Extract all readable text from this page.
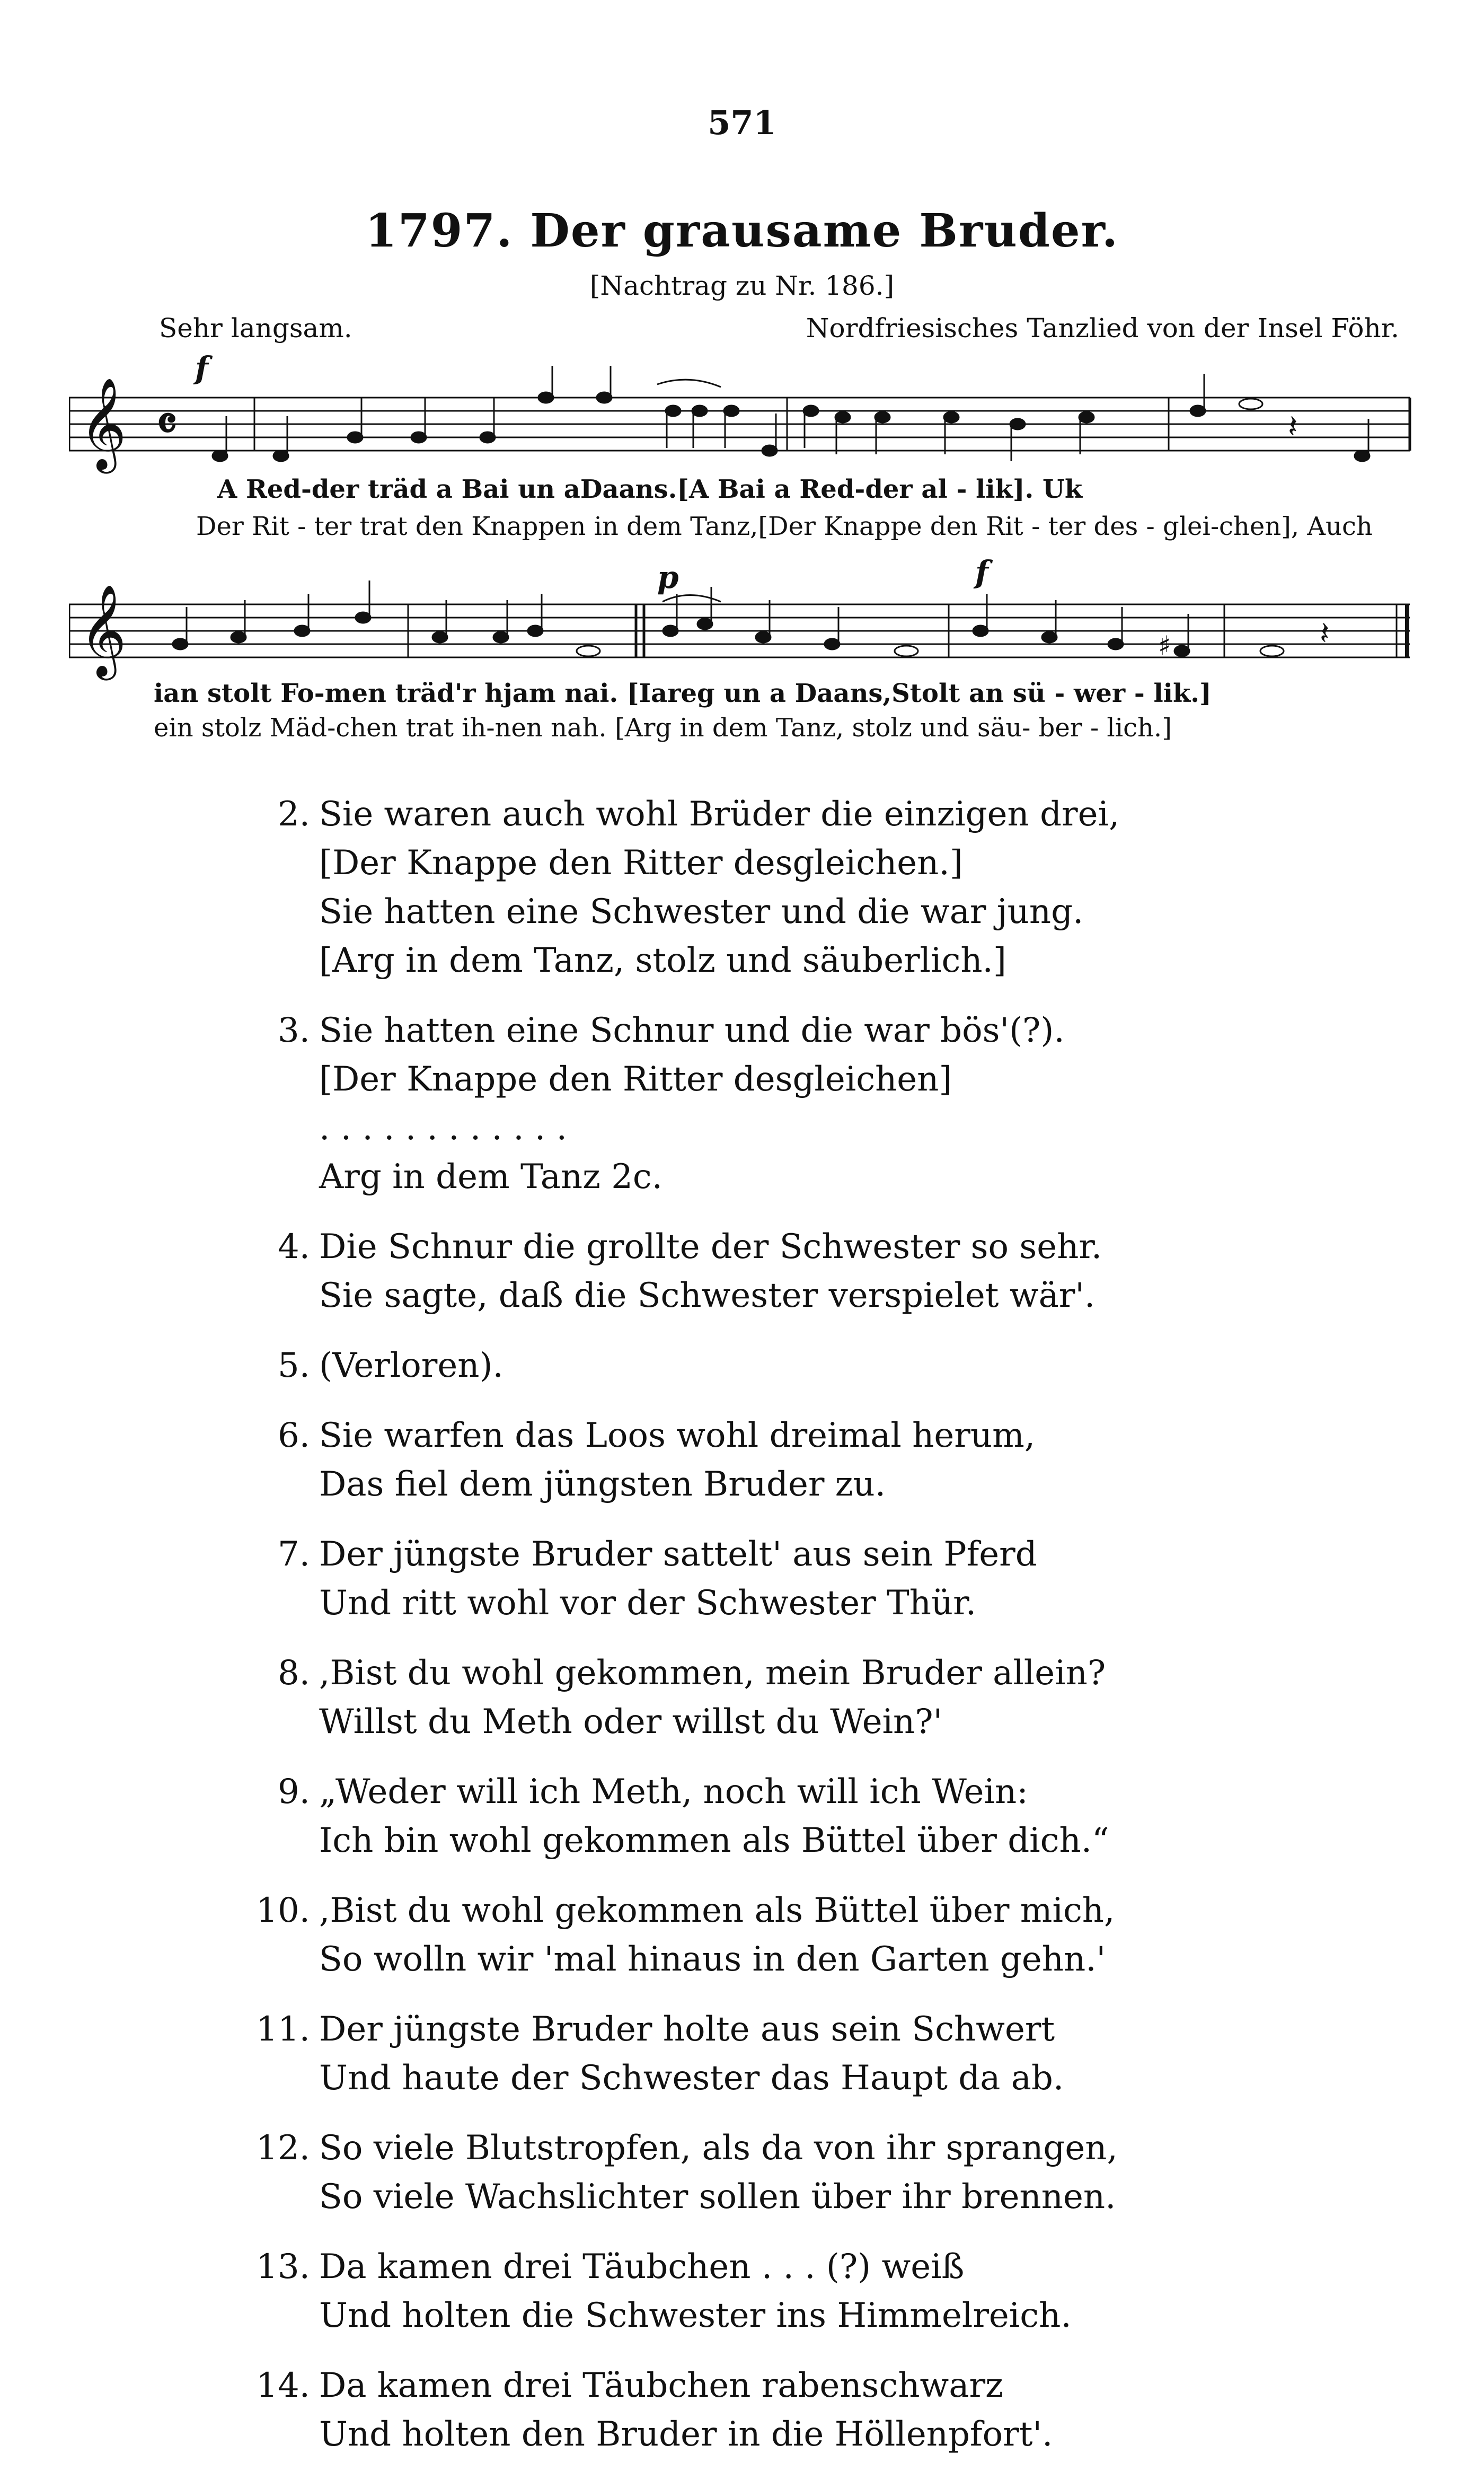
571
1797. Der grausame Bruder.
[Nachtrag zu Nr. 186.]
Sehr langsam.	Nordfriesisches Tanzlied von der Insel Föhr.
f
𝄞 𝄴	𝄽
A Red-der träd a Bai un aDaans.[A Bai a Red-der al - lik]. Uk
Der Rit - ter trat den Knappen in dem Tanz,[Der Knappe den Rit - ter des - glei-chen], Auch
p	f
𝄞	𝄽
♯
ian stolt Fo-men träd'r hjam nai. [Iareg un a Daans,Stolt an sü - wer - lik.]
ein stolz Mäd-chen trat ih-nen nah. [Arg in dem Tanz, stolz und säu- ber - lich.]
2. Sie waren auch wohl Brüder die einzigen drei,
[Der Knappe den Ritter desgleichen.]
Sie hatten eine Schwester und die war jung.
[Arg in dem Tanz, stolz und säuberlich.]
3. Sie hatten eine Schnur und die war bös'(?).
[Der Knappe den Ritter desgleichen]
. . . . . . . . . . . .
Arg in dem Tanz 2c.
4. Die Schnur die grollte der Schwester so sehr.
Sie sagte, daß die Schwester verspielet wär'.
5. (Verloren).
6. Sie warfen das Loos wohl dreimal herum,
Das fiel dem jüngsten Bruder zu.
7. Der jüngste Bruder sattelt' aus sein Pferd
Und ritt wohl vor der Schwester Thür.
8. ,Bist du wohl gekommen, mein Bruder allein?
Willst du Meth oder willst du Wein?'
9. „Weder will ich Meth, noch will ich Wein:
Ich bin wohl gekommen als Büttel über dich.“
10. ,Bist du wohl gekommen als Büttel über mich,
So wolln wir 'mal hinaus in den Garten gehn.'
11. Der jüngste Bruder holte aus sein Schwert
Und haute der Schwester das Haupt da ab.
12. So viele Blutstropfen, als da von ihr sprangen,
So viele Wachslichter sollen über ihr brennen.
13. Da kamen drei Täubchen . . . (?) weiß
Und holten die Schwester ins Himmelreich.
14. Da kamen drei Täubchen rabenschwarz
Und holten den Bruder in die Höllenpfort'.
